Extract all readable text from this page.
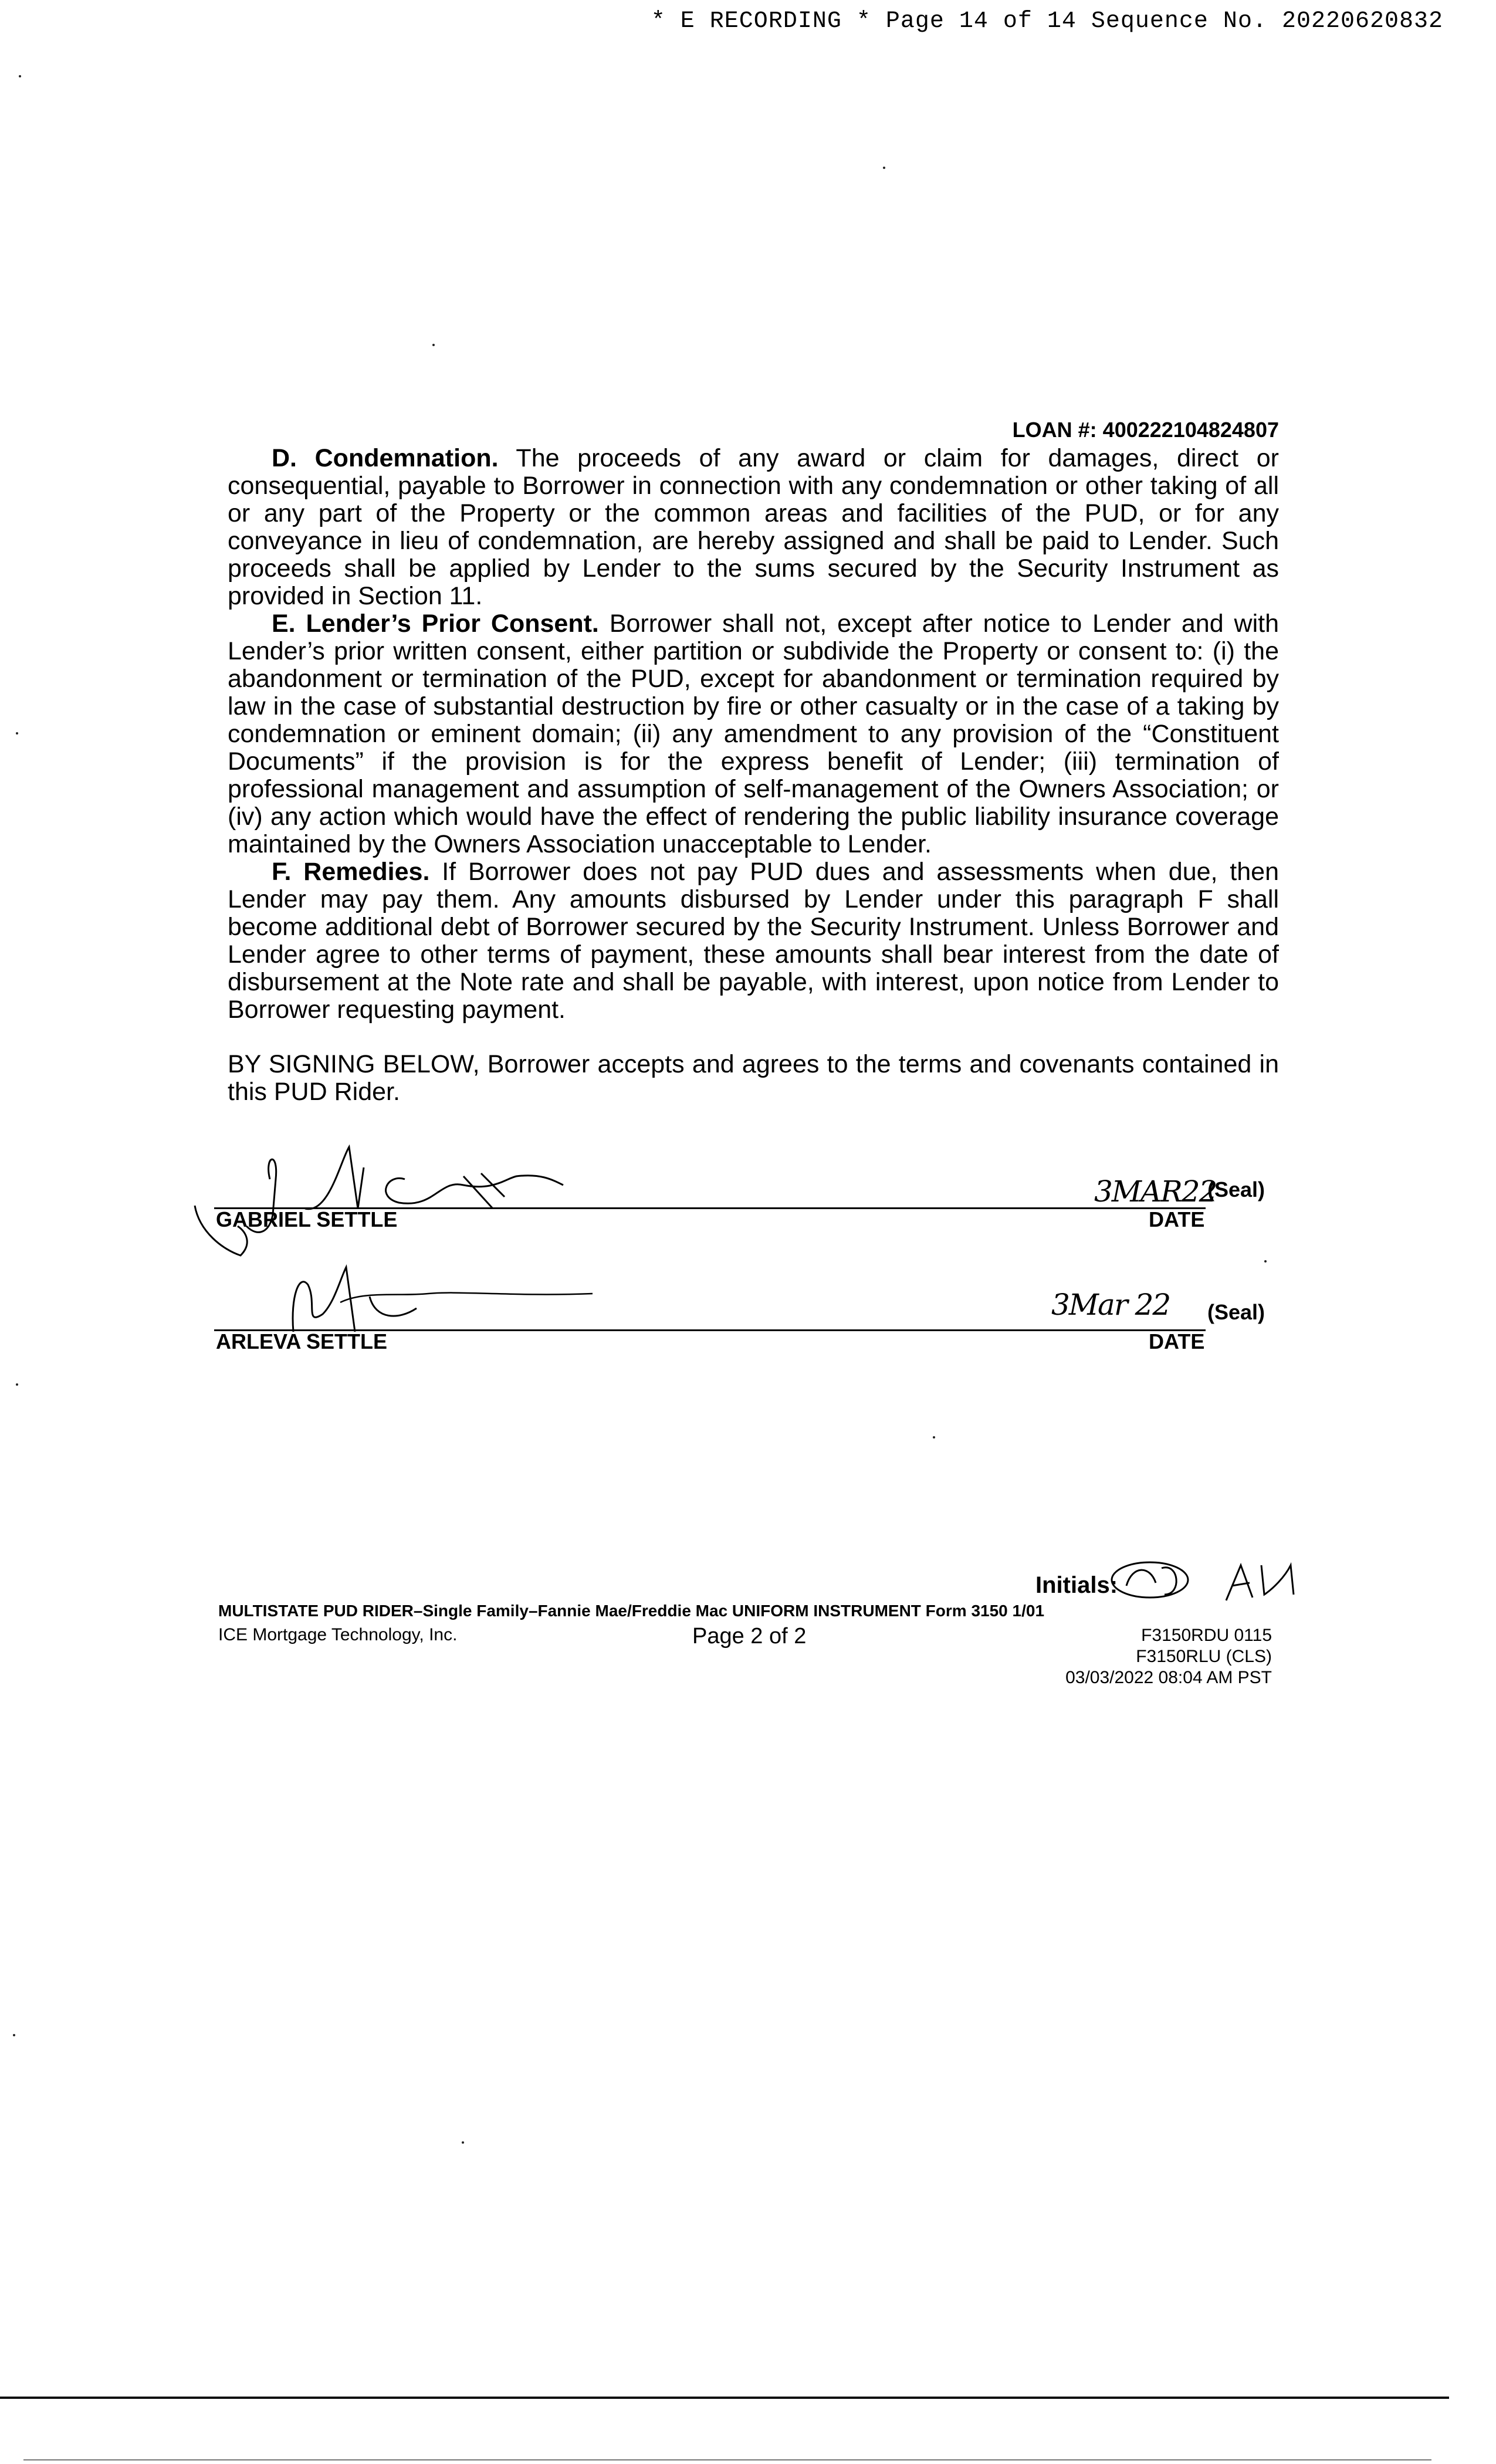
* E RECORDING * Page 14 of 14 Sequence No. 20220620832
LOAN #: 400222104824807

D. Condemnation. The proceeds of any award or claim for damages, direct or consequential, payable to Borrower in connection with any condemnation or other taking of all or any part of the Property or the common areas and facilities of the PUD, or for any conveyance in lieu of condemnation, are hereby assigned and shall be paid to Lender. Such proceeds shall be applied by Lender to the sums secured by the Security Instrument as provided in Section 11.

E. Lender’s Prior Consent. Borrower shall not, except after notice to Lender and with Lender’s prior written consent, either partition or subdivide the Property or consent to: (i) the abandonment or termination of the PUD, except for abandonment or termination required by law in the case of substantial destruction by fire or other casualty or in the case of a taking by condemnation or eminent domain; (ii) any amendment to any provision of the “Constituent Documents” if the provision is for the express benefit of Lender; (iii) termination of professional management and assumption of self-management of the Owners Association; or (iv) any action which would have the effect of rendering the public liability insurance coverage maintained by the Owners Association unacceptable to Lender.

F. Remedies. If Borrower does not pay PUD dues and assessments when due, then Lender may pay them. Any amounts disbursed by Lender under this paragraph F shall become additional debt of Borrower secured by the Security Instrument. Unless Borrower and Lender agree to other terms of payment, these amounts shall bear interest from the date of disbursement at the Note rate and shall be payable, with interest, upon notice from Lender to Borrower requesting payment.

BY SIGNING BELOW, Borrower accepts and agrees to the terms and covenants contained in this PUD Rider.

GABRIEL SETTLE
3MAR22
(Seal)
DATE
ARLEVA SETTLE
3Mar 22 (Seal)
DATE
Initials:
MULTISTATE PUD RIDER–Single Family–Fannie Mae/Freddie Mac UNIFORM INSTRUMENT Form 3150 1/01
ICE Mortgage Technology, Inc.	Page 2 of 2	F3150RDU 0115
F3150RLU (CLS)
03/03/2022 08:04 AM PST
